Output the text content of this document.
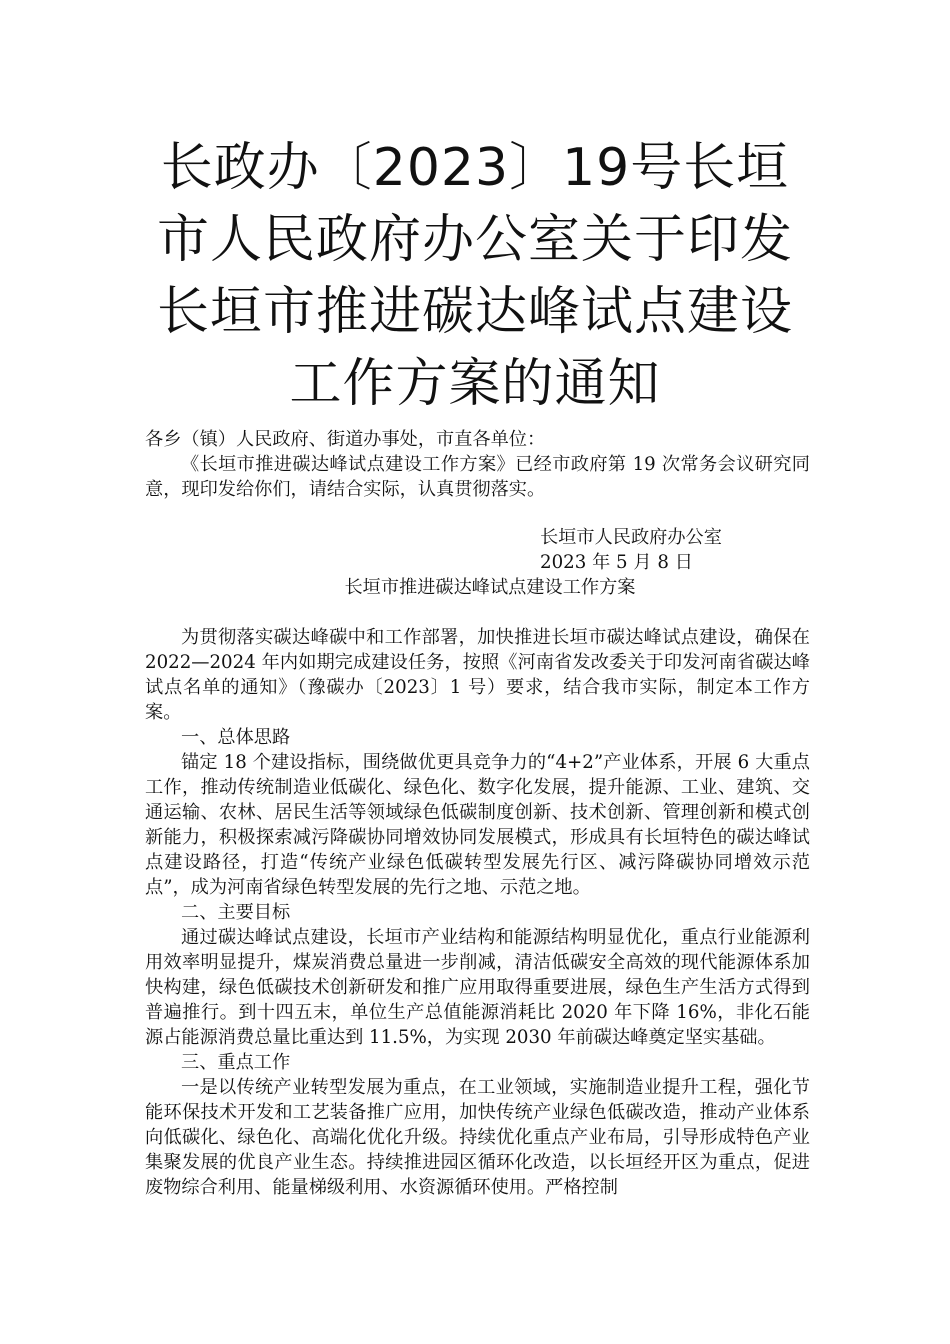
长政办〔2023〕19号长垣市人民政府办公室关于印发长垣市推进碳达峰试点建设工作方案的通知

各乡（镇）人民政府、街道办事处，市直各单位：

《长垣市推进碳达峰试点建设工作方案》已经市政府第 19 次常务会议研究同意，现印发给你们，请结合实际，认真贯彻落实。

长垣市人民政府办公室

2023 年 5 月 8 日

长垣市推进碳达峰试点建设工作方案

为贯彻落实碳达峰碳中和工作部署，加快推进长垣市碳达峰试点建设，确保在 2022—2024 年内如期完成建设任务，按照《河南省发改委关于印发河南省碳达峰试点名单的通知》（豫碳办〔2023〕1 号）要求，结合我市实际，制定本工作方案。

一、总体思路

锚定 18 个建设指标，围绕做优更具竞争力的“4+2”产业体系，开展 6 大重点工作，推动传统制造业低碳化、绿色化、数字化发展，提升能源、工业、建筑、交通运输、农林、居民生活等领域绿色低碳制度创新、技术创新、管理创新和模式创新能力，积极探索减污降碳协同增效协同发展模式，形成具有长垣特色的碳达峰试点建设路径，打造“传统产业绿色低碳转型发展先行区、减污降碳协同增效示范点”，成为河南省绿色转型发展的先行之地、示范之地。

二、主要目标

通过碳达峰试点建设，长垣市产业结构和能源结构明显优化，重点行业能源利用效率明显提升，煤炭消费总量进一步削减，清洁低碳安全高效的现代能源体系加快构建，绿色低碳技术创新研发和推广应用取得重要进展，绿色生产生活方式得到普遍推行。到十四五末，单位生产总值能源消耗比 2020 年下降 16%，非化石能源占能源消费总量比重达到 11.5%，为实现 2030 年前碳达峰奠定坚实基础。

三、重点工作

一是以传统产业转型发展为重点，在工业领域，实施制造业提升工程，强化节能环保技术开发和工艺装备推广应用，加快传统产业绿色低碳改造，推动产业体系向低碳化、绿色化、高端化优化升级。持续优化重点产业布局，引导形成特色产业集聚发展的优良产业生态。持续推进园区循环化改造，以长垣经开区为重点，促进废物综合利用、能量梯级利用、水资源循环使用。严格控制
